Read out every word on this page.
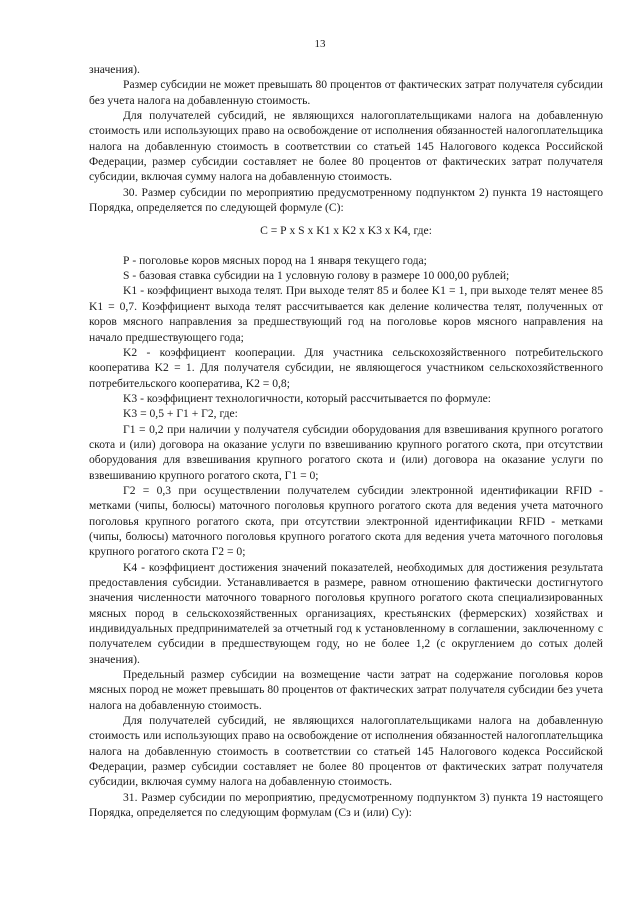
13

значения).

Размер субсидии не может превышать 80 процентов от фактических затрат получателя субсидии без учета налога на добавленную стоимость.

Для получателей субсидий, не являющихся налогоплательщиками налога на добавленную стоимость или использующих право на освобождение от исполнения обязанностей налогоплательщика налога на добавленную стоимость в соответствии со статьей 145 Налогового кодекса Российской Федерации, размер субсидии составляет не более 80 процентов от фактических затрат получателя субсидии, включая сумму налога на добавленную стоимость.

30. Размер субсидии по мероприятию предусмотренному подпунктом 2) пункта 19 настоящего Порядка, определяется по следующей формуле (С):

С = Р x S x K1 x K2 x K3 x K4, где:

Р - поголовье коров мясных пород на 1 января текущего года;

S - базовая ставка субсидии на 1 условную голову в размере 10 000,00 рублей;

K1 - коэффициент выхода телят. При выходе телят 85 и более K1 = 1, при выходе телят менее 85 K1 = 0,7. Коэффициент выхода телят рассчитывается как деление количества телят, полученных от коров мясного направления за предшествующий год на поголовье коров мясного направления на начало предшествующего года;

K2 - коэффициент кооперации. Для участника сельскохозяйственного потребительского кооператива K2 = 1. Для получателя субсидии, не являющегося участником сельскохозяйственного потребительского кооператива, K2 = 0,8;

K3 - коэффициент технологичности, который рассчитывается по формуле:

K3 = 0,5 + Г1 + Г2, где:

Г1 = 0,2 при наличии у получателя субсидии оборудования для взвешивания крупного рогатого скота и (или) договора на оказание услуги по взвешиванию крупного рогатого скота, при отсутствии оборудования для взвешивания крупного рогатого скота и (или) договора на оказание услуги по взвешиванию крупного рогатого скота, Г1 = 0;

Г2 = 0,3 при осуществлении получателем субсидии электронной идентификации RFID - метками (чипы, болюсы) маточного поголовья крупного рогатого скота для ведения учета маточного поголовья крупного рогатого скота, при отсутствии электронной идентификации RFID - метками (чипы, болюсы) маточного поголовья крупного рогатого скота для ведения учета маточного поголовья крупного рогатого скота Г2 = 0;

K4 - коэффициент достижения значений показателей, необходимых для достижения результата предоставления субсидии. Устанавливается в размере, равном отношению фактически достигнутого значения численности маточного товарного поголовья крупного рогатого скота специализированных мясных пород в сельскохозяйственных организациях, крестьянских (фермерских) хозяйствах и индивидуальных предпринимателей за отчетный год к установленному в соглашении, заключенному с получателем субсидии в предшествующем году, но не более 1,2 (с округлением до сотых долей значения).

Предельный размер субсидии на возмещение части затрат на содержание поголовья коров мясных пород не может превышать 80 процентов от фактических затрат получателя субсидии без учета налога на добавленную стоимость.

Для получателей субсидий, не являющихся налогоплательщиками налога на добавленную стоимость или использующих право на освобождение от исполнения обязанностей налогоплательщика налога на добавленную стоимость в соответствии со статьей 145 Налогового кодекса Российской Федерации, размер субсидии составляет не более 80 процентов от фактических затрат получателя субсидии, включая сумму налога на добавленную стоимость.

31. Размер субсидии по мероприятию, предусмотренному подпунктом 3) пункта 19 настоящего Порядка, определяется по следующим формулам (Сз и (или) Су):
